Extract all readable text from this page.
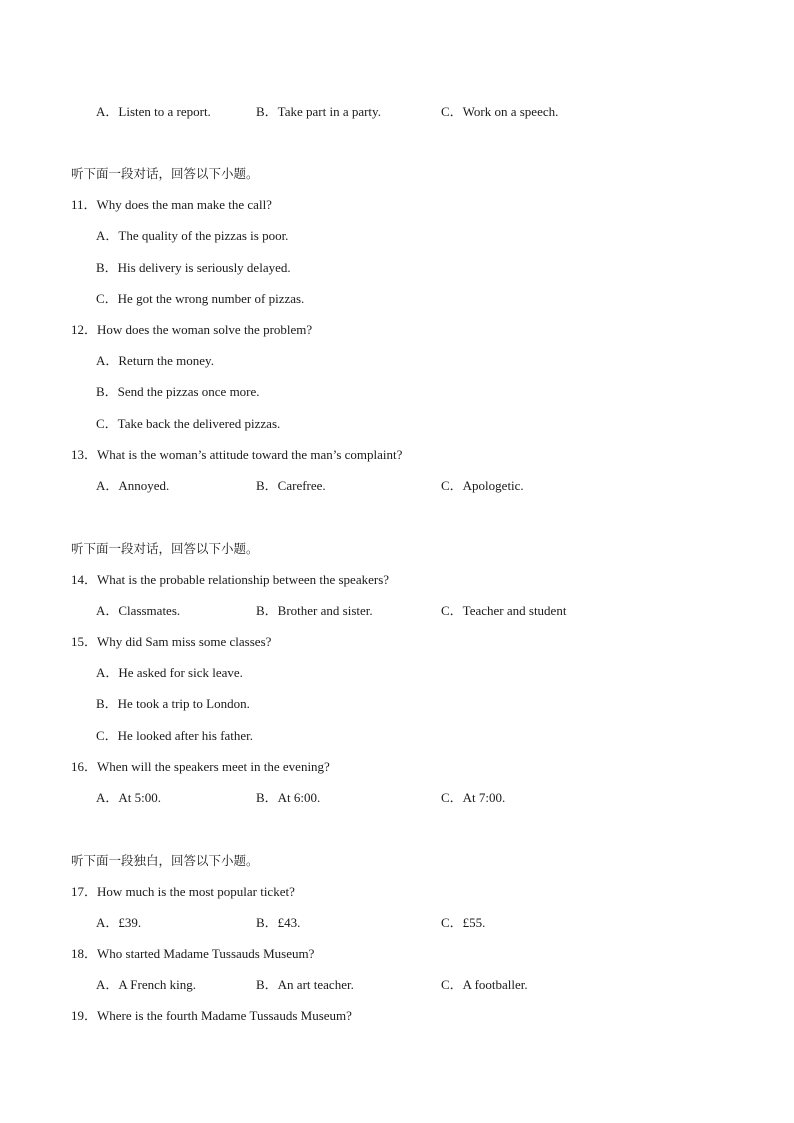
A．Listen to a report.	B．Take part in a party.	C．Work on a speech.
听下面一段对话，回答以下小题。
11．Why does the man make the call?
A．The quality of the pizzas is poor.
B．His delivery is seriously delayed.
C．He got the wrong number of pizzas.
12．How does the woman solve the problem?
A．Return the money.
B．Send the pizzas once more.
C．Take back the delivered pizzas.
13．What is the woman’s attitude toward the man’s complaint?
A．Annoyed.	B．Carefree.	C．Apologetic.
听下面一段对话，回答以下小题。
14．What is the probable relationship between the speakers?
A．Classmates.	B．Brother and sister.	C．Teacher and student
15．Why did Sam miss some classes?
A．He asked for sick leave.
B．He took a trip to London.
C．He looked after his father.
16．When will the speakers meet in the evening?
A．At 5:00.	B．At 6:00.	C．At 7:00.
听下面一段独白，回答以下小题。
17．How much is the most popular ticket?
A．£39.	B．£43.	C．£55.
18．Who started Madame Tussauds Museum?
A．A French king.	B．An art teacher.	C．A footballer.
19．Where is the fourth Madame Tussauds Museum?
